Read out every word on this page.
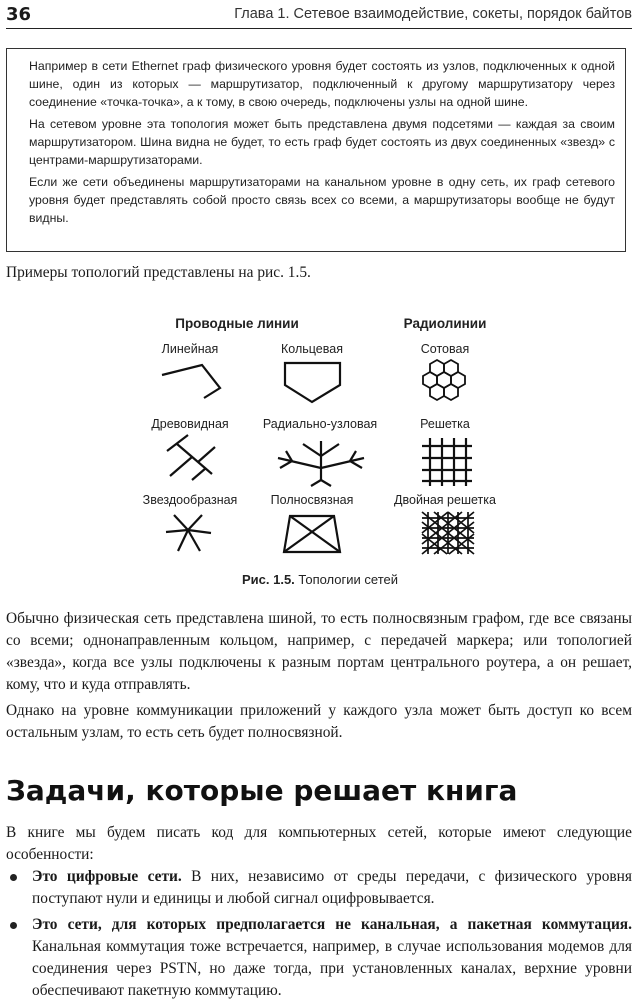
36	Глава 1. Сетевое взаимодействие, сокеты, порядок байтов

Например в сети Ethernet граф физического уровня будет состоять из узлов, подключенных к одной шине, один из которых — маршрутизатор, подключенный к другому маршрутизатору через соединение «точка-точка», а к тому, в свою очередь, подключены узлы на одной шине.

На сетевом уровне эта топология может быть представлена двумя подсетями — каждая за своим маршрутизатором. Шина видна не будет, то есть граф будет состоять из двух соединенных «звезд» с центрами-маршрутизаторами.

Если же сети объединены маршрутизаторами на канальном уровне в одну сеть, их граф сетевого уровня будет представлять собой просто связь всех со всеми, а маршрутизаторы вообще не будут видны.

Примеры топологий представлены на рис. 1.5.

Проводные линии	Радиолинии
Линейная	Кольцевая	Сотовая
Древовидная	Радиально-узловая	Решетка
Звездообразная	Полносвязная	Двойная решетка
Рис. 1.5. Топологии сетей

Обычно физическая сеть представлена шиной, то есть полносвязным графом, где все связаны со всеми; однонаправленным кольцом, например, с передачей маркера; или топологией «звезда», когда все узлы подключены к разным портам центрального роутера, а он решает, кому, что и куда отправлять.

Однако на уровне коммуникации приложений у каждого узла может быть доступ ко всем остальным узлам, то есть сеть будет полносвязной.

Задачи, которые решает книга

В книге мы будем писать код для компьютерных сетей, которые имеют следующие особенности:

Это цифровые сети. В них, независимо от среды передачи, с физического уровня поступают нули и единицы и любой сигнал оцифровывается.
Это сети, для которых предполагается не канальная, а пакетная коммутация. Канальная коммутация тоже встречается, например, в случае использования модемов для соединения через PSTN, но даже тогда, при установленных каналах, верхние уровни обеспечивают пакетную коммутацию.
